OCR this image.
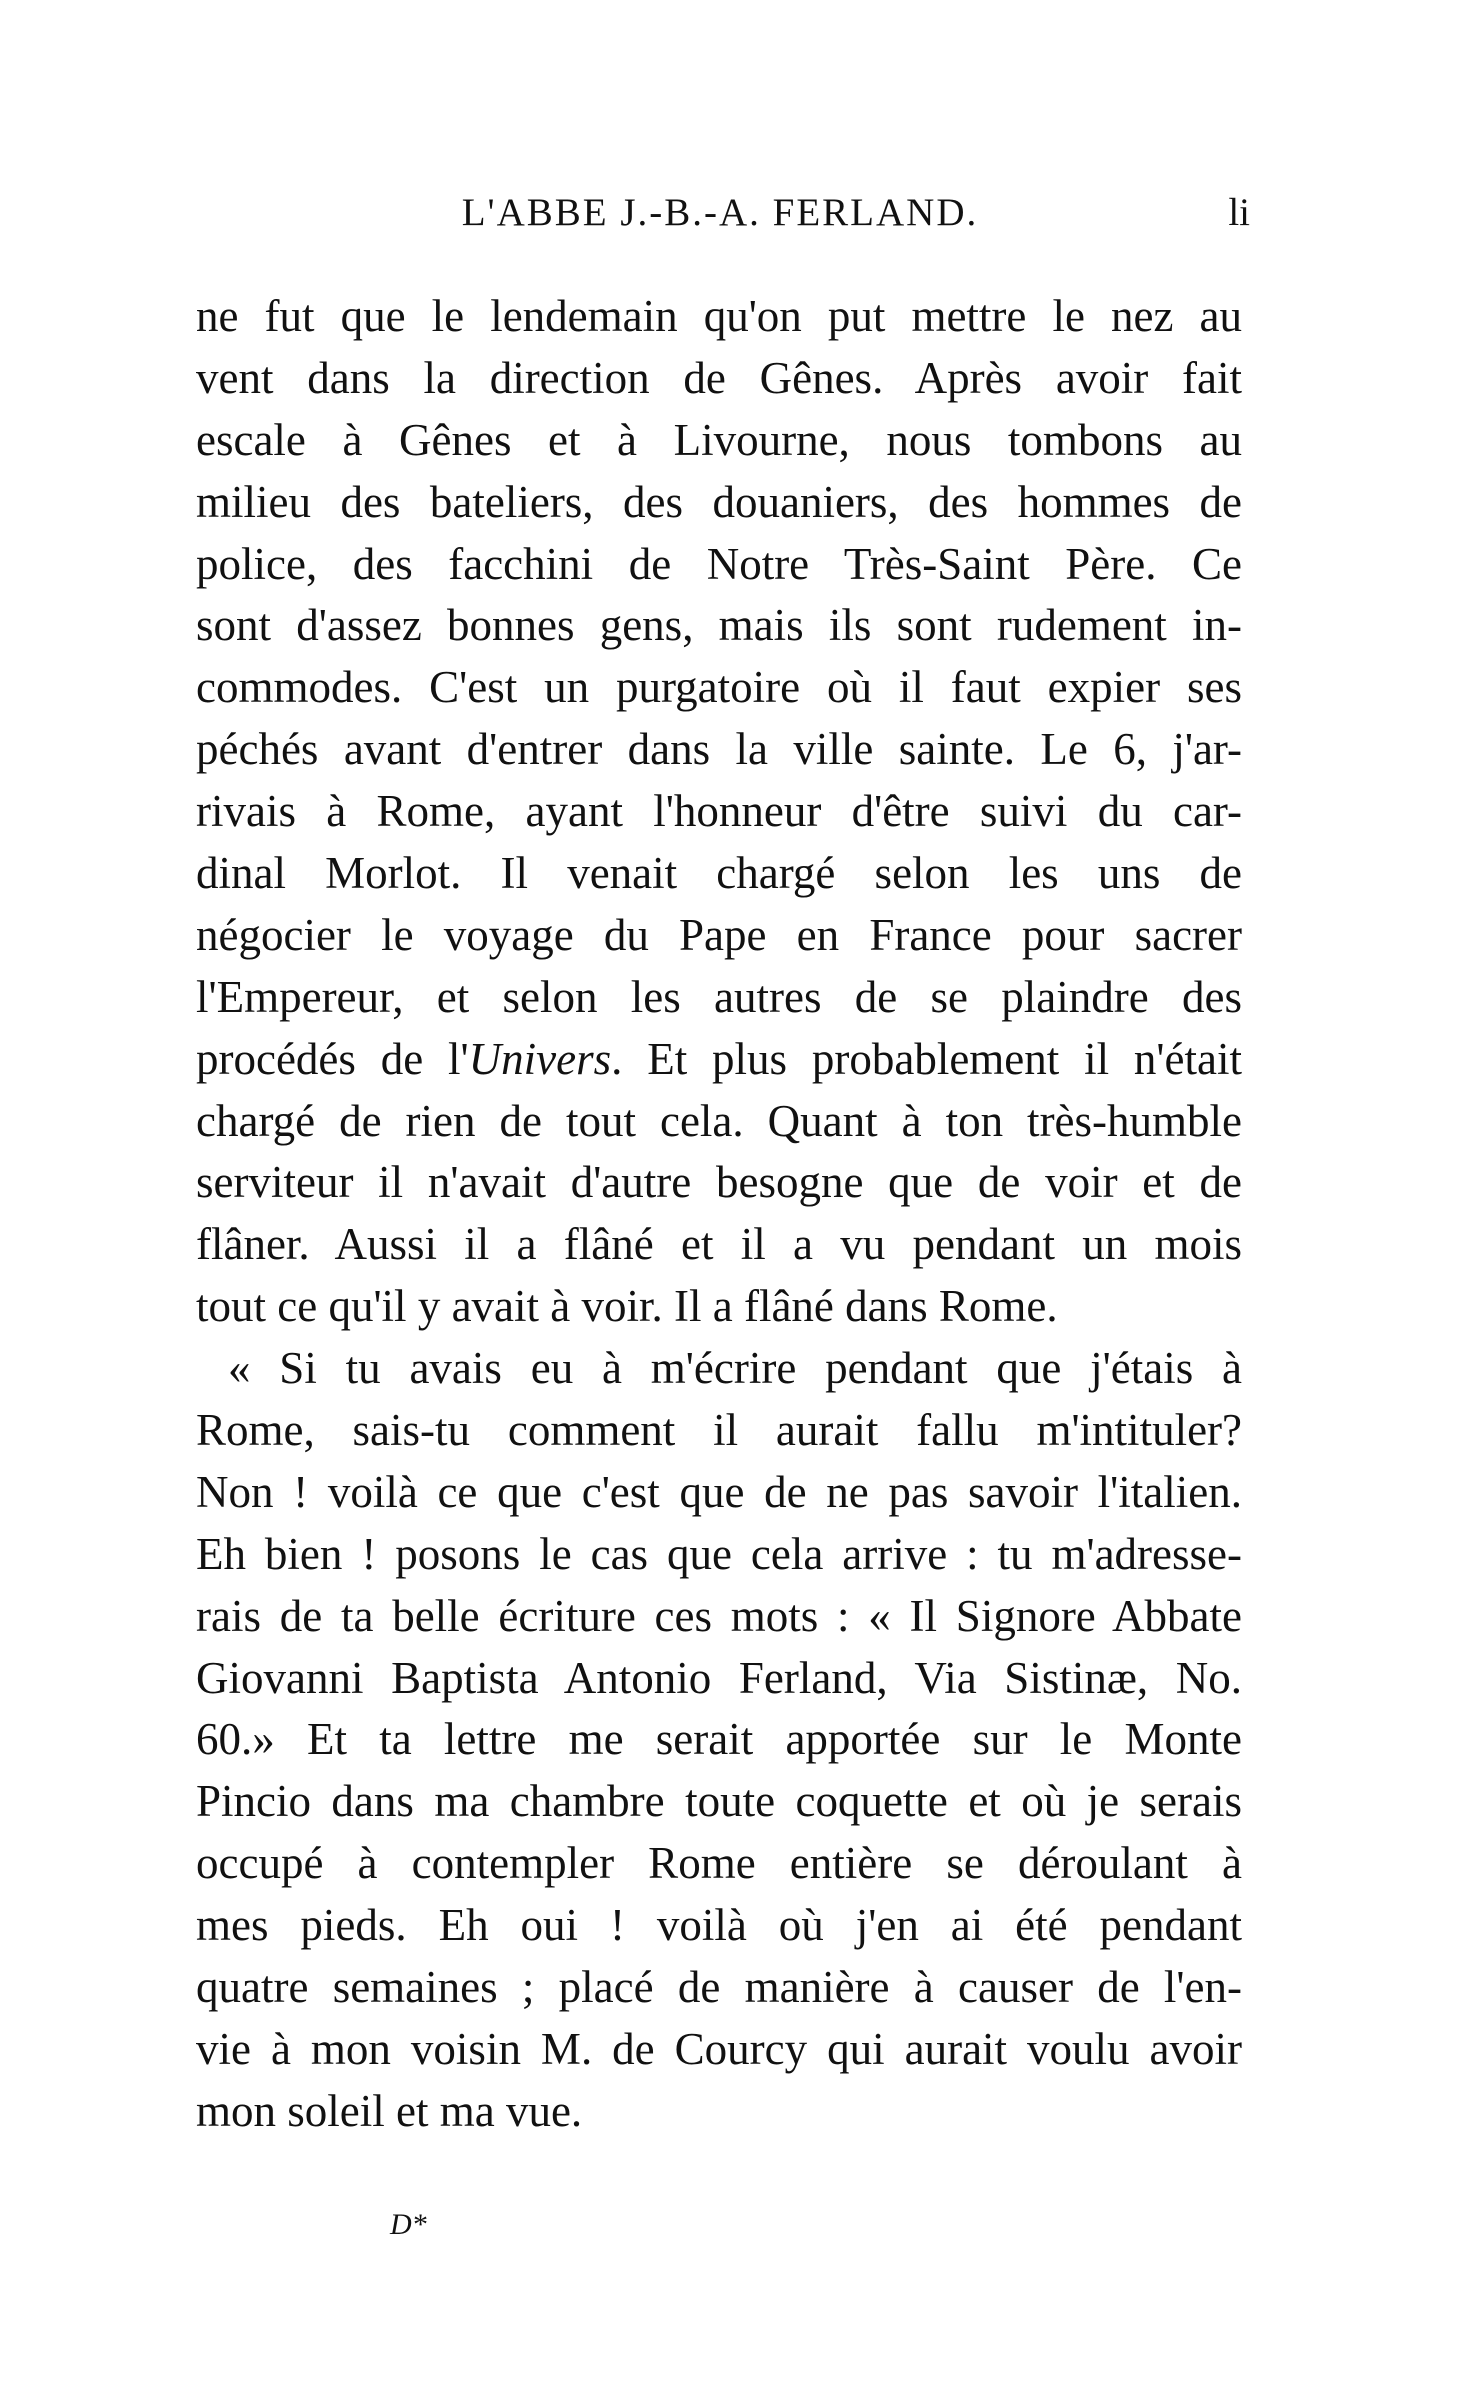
L'ABBE J.-B.-A. FERLAND.	li
ne fut que le lendemain qu'on put mettre le nez au
vent dans la direction de Gênes. Après avoir fait
escale à Gênes et à Livourne, nous tombons au
milieu des bateliers, des douaniers, des hommes de
police, des facchini de Notre Très-Saint Père. Ce
sont d'assez bonnes gens, mais ils sont rudement in-
commodes. C'est un purgatoire où il faut expier ses
péchés avant d'entrer dans la ville sainte. Le 6, j'ar-
rivais à Rome, ayant l'honneur d'être suivi du car-
dinal Morlot. Il venait chargé selon les uns de
négocier le voyage du Pape en France pour sacrer
l'Empereur, et selon les autres de se plaindre des
procédés de l'Univers. Et plus probablement il n'était
chargé de rien de tout cela. Quant à ton très-humble
serviteur il n'avait d'autre besogne que de voir et de
flâner. Aussi il a flâné et il a vu pendant un mois
tout ce qu'il y avait à voir. Il a flâné dans Rome.
« Si tu avais eu à m'écrire pendant que j'étais à
Rome, sais-tu comment il aurait fallu m'intituler?
Non ! voilà ce que c'est que de ne pas savoir l'italien.
Eh bien ! posons le cas que cela arrive : tu m'adresse-
rais de ta belle écriture ces mots : « Il Signore Abbate
Giovanni Baptista Antonio Ferland, Via Sistinæ, No.
60.» Et ta lettre me serait apportée sur le Monte
Pincio dans ma chambre toute coquette et où je serais
occupé à contempler Rome entière se déroulant à
mes pieds. Eh oui ! voilà où j'en ai été pendant
quatre semaines ; placé de manière à causer de l'en-
vie à mon voisin M. de Courcy qui aurait voulu avoir
mon soleil et ma vue.
D*
